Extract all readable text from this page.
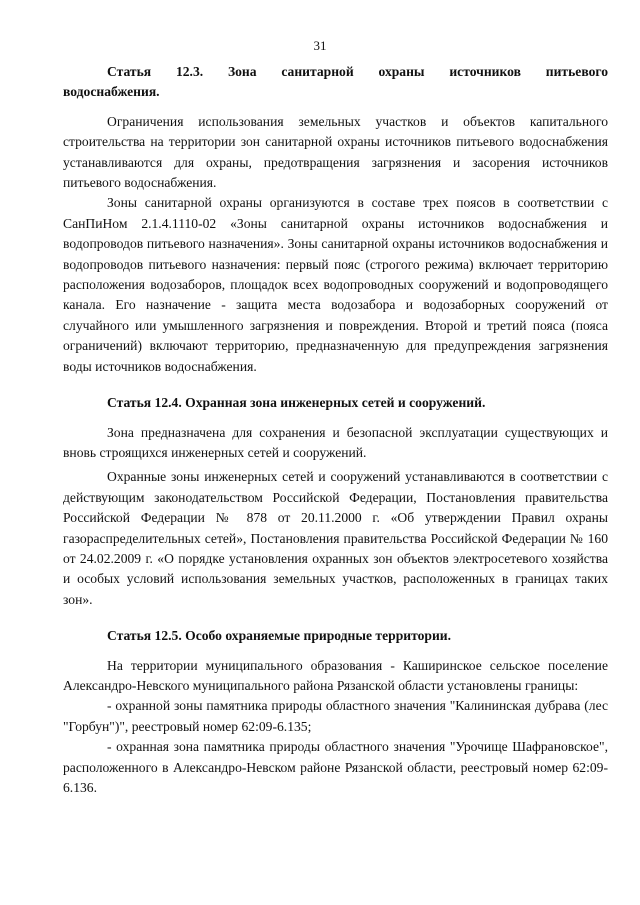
31
Статья 12.3. Зона санитарной охраны источников питьевого
водоснабжения.

Ограничения использования земельных участков и объектов капитального строительства на территории зон санитарной охраны источников питьевого водоснабжения устанавливаются для охраны, предотвращения загрязнения и засорения источников питьевого водоснабжения.

Зоны санитарной охраны организуются в составе трех поясов в соответствии с СанПиНом 2.1.4.1110-02 «Зоны санитарной охраны источников водоснабжения и водопроводов питьевого назначения». Зоны санитарной охраны источников водоснабжения и водопроводов питьевого назначения: первый пояс (строгого режима) включает территорию расположения водозаборов, площадок всех водопроводных сооружений и водопроводящего канала. Его назначение - защита места водозабора и водозаборных сооружений от случайного или умышленного загрязнения и повреждения. Второй и третий пояса (пояса ограничений) включают территорию, предназначенную для предупреждения загрязнения воды источников водоснабжения.

Статья 12.4. Охранная зона инженерных сетей и сооружений.

Зона предназначена для сохранения и безопасной эксплуатации существующих и вновь строящихся инженерных сетей и сооружений.

Охранные зоны инженерных сетей и сооружений устанавливаются в соответствии с действующим законодательством Российской Федерации, Постановления правительства Российской Федерации № 878 от 20.11.2000 г. «Об утверждении Правил охраны газораспределительных сетей», Постановления правительства Российской Федерации № 160 от 24.02.2009 г. «О порядке установления охранных зон объектов электросетевого хозяйства и особых условий использования земельных участков, расположенных в границах таких зон».

Статья 12.5. Особо охраняемые природные территории.

На территории муниципального образования - Каширинское сельское поселение Александро-Невского муниципального района Рязанской области установлены границы:

- охранной зоны памятника природы областного значения "Калининская дубрава (лес "Горбун")", реестровый номер 62:09-6.135;

- охранная зона памятника природы областного значения "Урочище Шафрановское", расположенного в Александро-Невском районе Рязанской области, реестровый номер 62:09-6.136.
